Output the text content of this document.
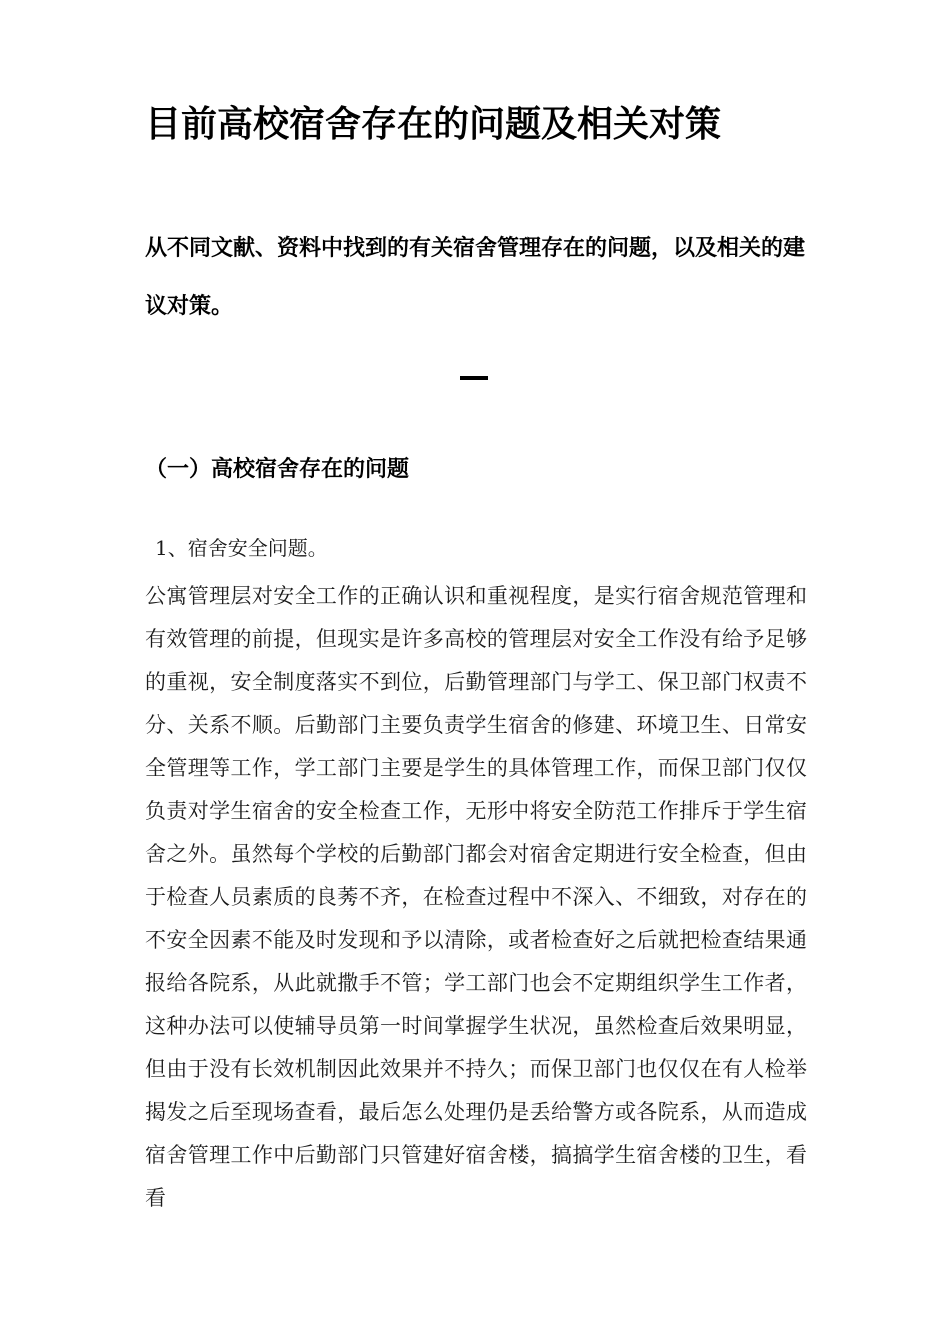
目前高校宿舍存在的问题及相关对策

从不同文献、资料中找到的有关宿舍管理存在的问题，以及相关的建议对策。

（一）高校宿舍存在的问题

1、宿舍安全问题。

公寓管理层对安全工作的正确认识和重视程度，是实行宿舍规范管理和有效管理的前提，但现实是许多高校的管理层对安全工作没有给予足够的重视，安全制度落实不到位，后勤管理部门与学工、保卫部门权责不分、关系不顺。后勤部门主要负责学生宿舍的修建、环境卫生、日常安全管理等工作，学工部门主要是学生的具体管理工作，而保卫部门仅仅负责对学生宿舍的安全检查工作，无形中将安全防范工作排斥于学生宿舍之外。虽然每个学校的后勤部门都会对宿舍定期进行安全检查，但由于检查人员素质的良莠不齐，在检查过程中不深入、不细致，对存在的不安全因素不能及时发现和予以清除，或者检查好之后就把检查结果通报给各院系，从此就撒手不管；学工部门也会不定期组织学生工作者，这种办法可以使辅导员第一时间掌握学生状况，虽然检查后效果明显，但由于没有长效机制因此效果并不持久；而保卫部门也仅仅在有人检举揭发之后至现场查看，最后怎么处理仍是丢给警方或各院系，从而造成宿舍管理工作中后勤部门只管建好宿舍楼，搞搞学生宿舍楼的卫生，看看
